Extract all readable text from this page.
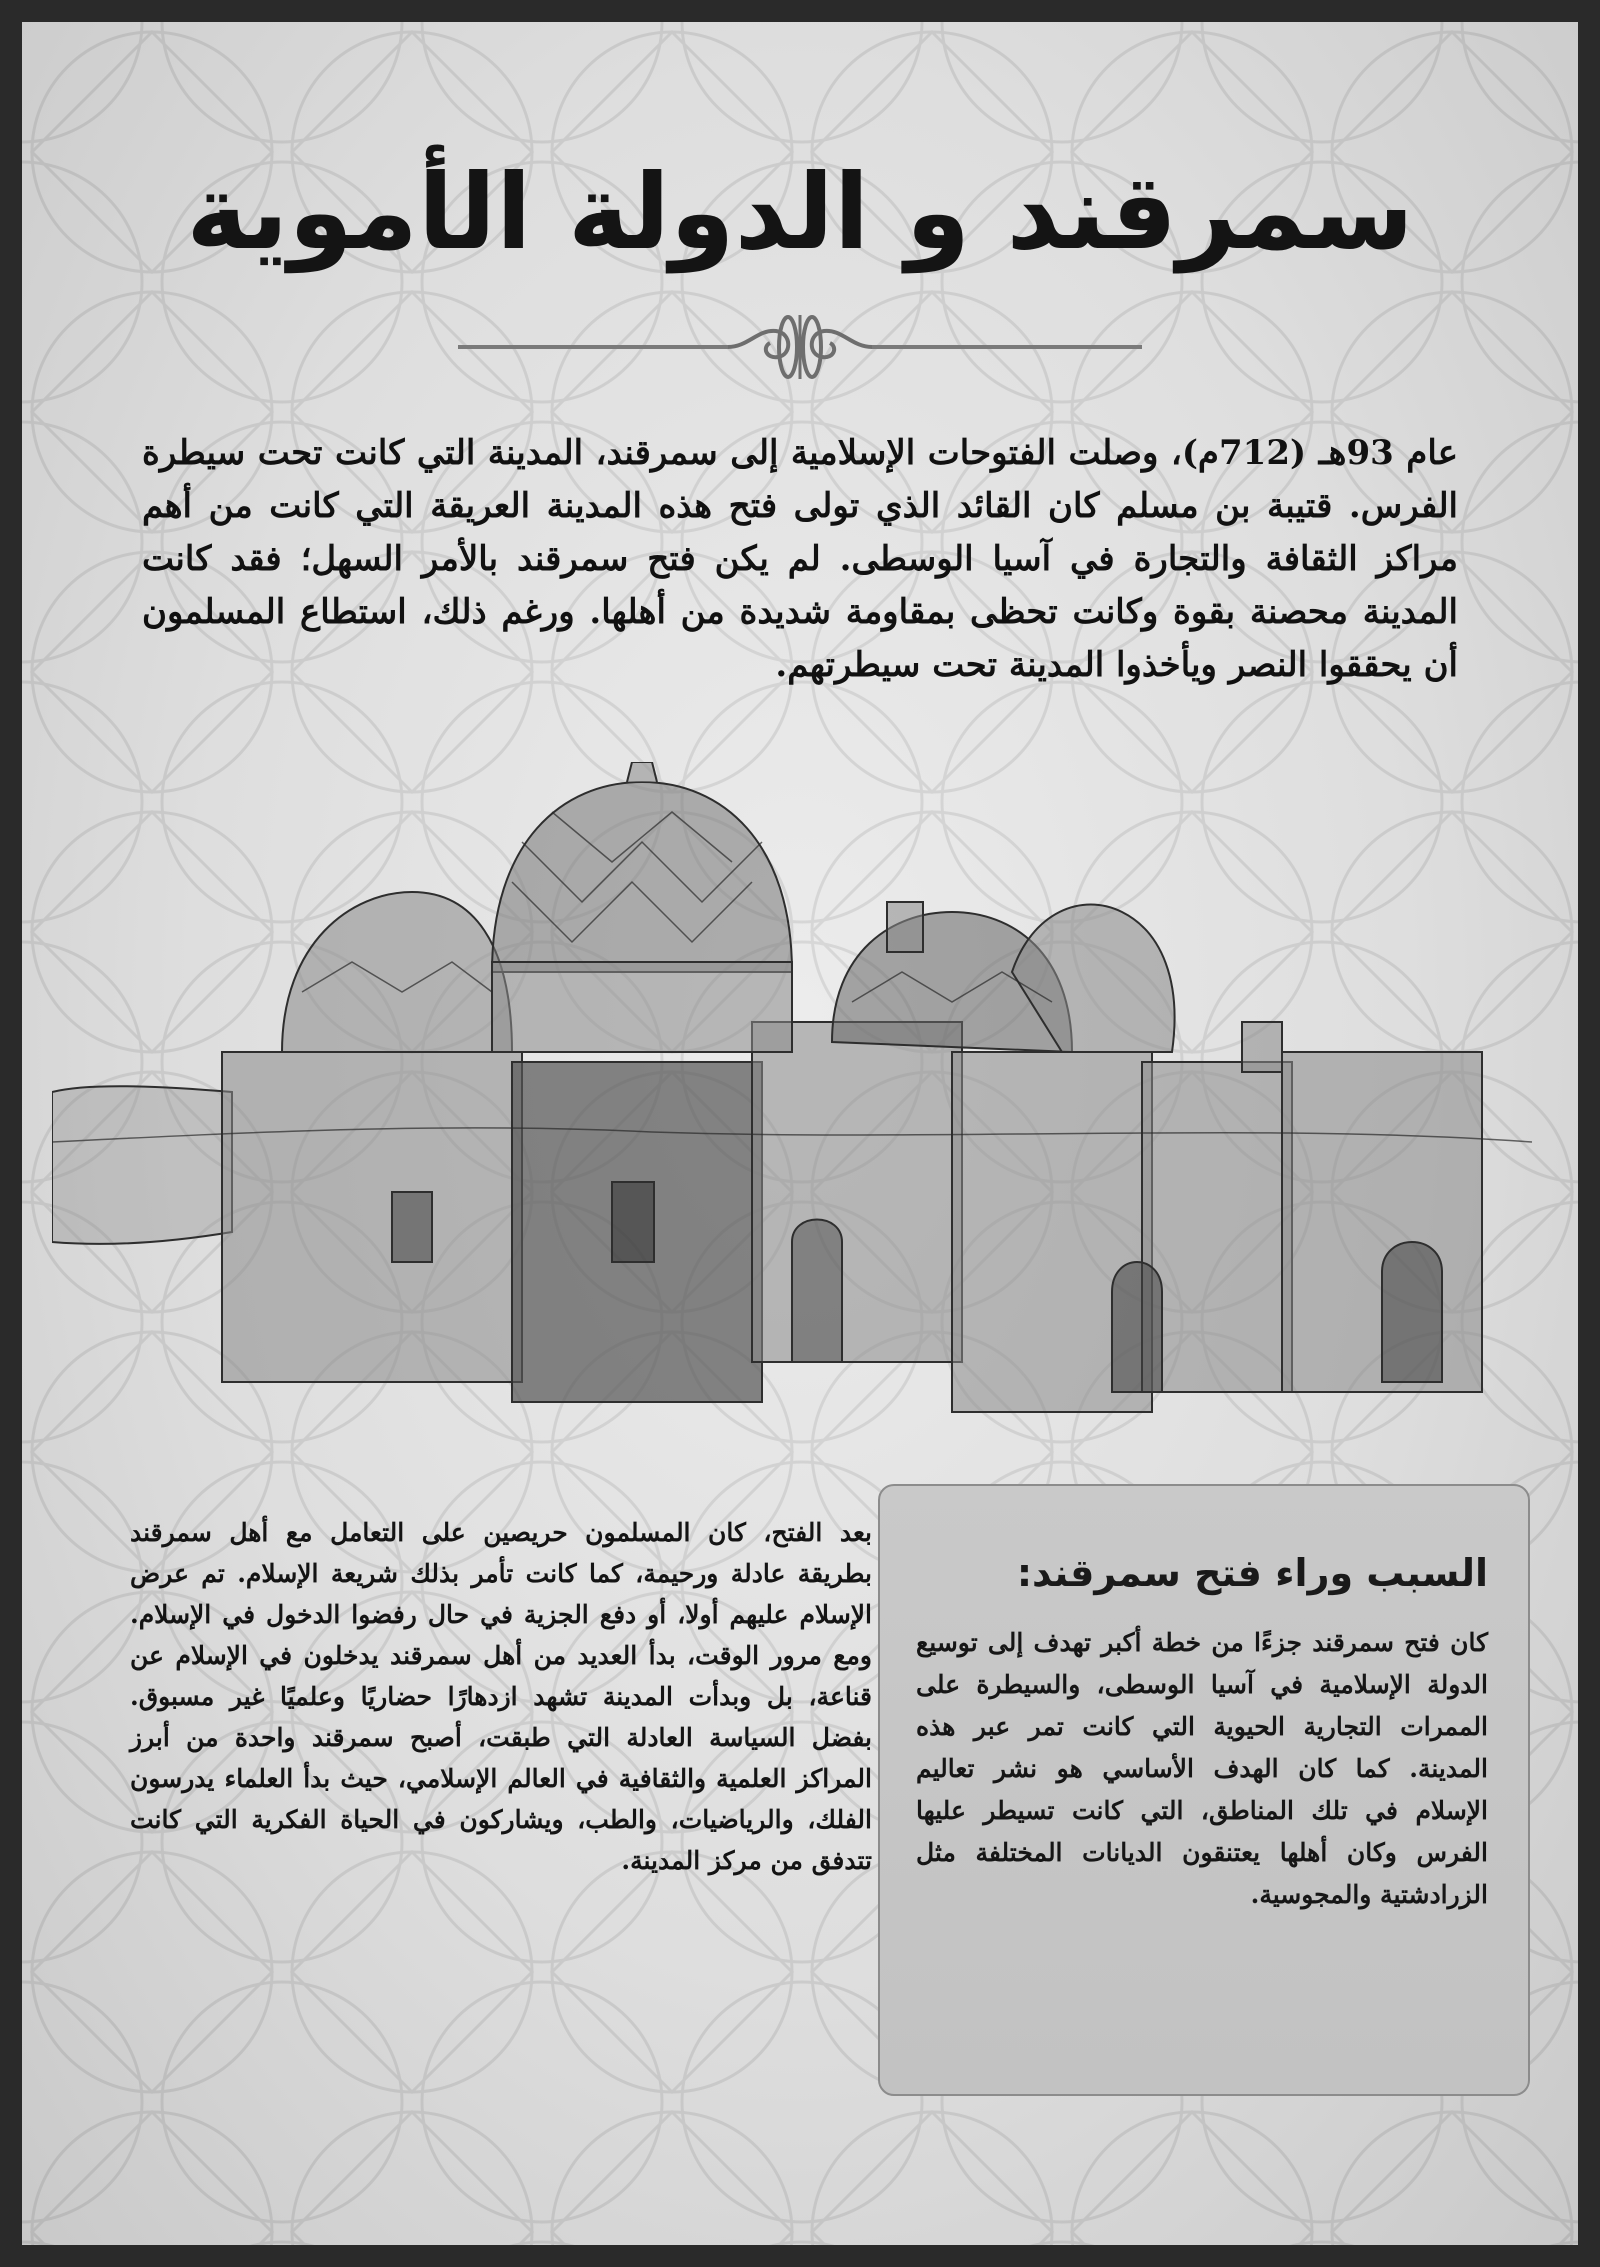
سمرقند و الدولة الأموية
عام 93هـ (712م)، وصلت الفتوحات الإسلامية إلى سمرقند، المدينة التي كانت تحت سيطرة الفرس. قتيبة بن مسلم كان القائد الذي تولى فتح هذه المدينة العريقة التي كانت من أهم مراكز الثقافة والتجارة في آسيا الوسطى. لم يكن فتح سمرقند بالأمر السهل؛ فقد كانت المدينة محصنة بقوة وكانت تحظى بمقاومة شديدة من أهلها. ورغم ذلك، استطاع المسلمون أن يحققوا النصر ويأخذوا المدينة تحت سيطرتهم.
بعد الفتح، كان المسلمون حريصين على التعامل مع أهل سمرقند بطريقة عادلة ورحيمة، كما كانت تأمر بذلك شريعة الإسلام. تم عرض الإسلام عليهم أولا، أو دفع الجزية في حال رفضوا الدخول في الإسلام. ومع مرور الوقت، بدأ العديد من أهل سمرقند يدخلون في الإسلام عن قناعة، بل وبدأت المدينة تشهد ازدهارًا حضاريًا وعلميًا غير مسبوق. بفضل السياسة العادلة التي طبقت، أصبح سمرقند واحدة من أبرز المراكز العلمية والثقافية في العالم الإسلامي، حيث بدأ العلماء يدرسون الفلك، والرياضيات، والطب، ويشاركون في الحياة الفكرية التي كانت تتدفق من مركز المدينة.
السبب وراء فتح سمرقند:
كان فتح سمرقند جزءًا من خطة أكبر تهدف إلى توسيع الدولة الإسلامية في آسيا الوسطى، والسيطرة على الممرات التجارية الحيوية التي كانت تمر عبر هذه المدينة. كما كان الهدف الأساسي هو نشر تعاليم الإسلام في تلك المناطق، التي كانت تسيطر عليها الفرس وكان أهلها يعتنقون الديانات المختلفة مثل الزرادشتية والمجوسية.
